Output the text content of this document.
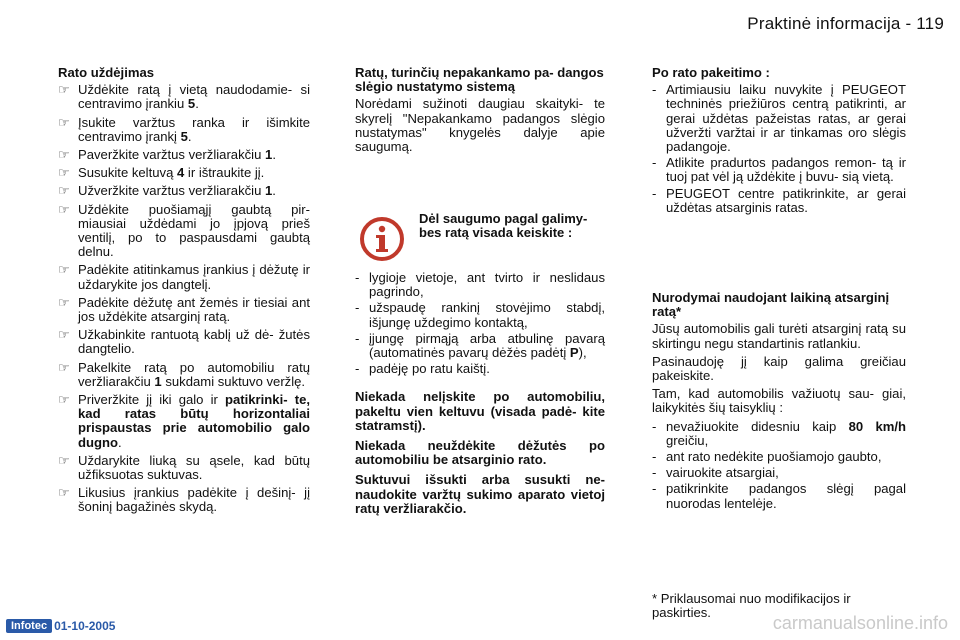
Praktinė informacija - 119
Rato uždėjimas
☞ Uždėkite ratą į vietą naudodamie- si centravimo įrankiu 5.
☞ Įsukite varžtus ranka ir išimkite centravimo įrankį 5.
☞ Paveržkite varžtus veržliarakčiu 1.
☞ Susukite keltuvą 4 ir ištraukite jį.
☞ Užveržkite varžtus veržliarakčiu 1.
☞ Uždėkite puošiamąjį gaubtą pir- miausiai uždėdami jo įpjovą prieš ventilį, po to paspausdami gaubtą delnu.
☞ Padėkite atitinkamus įrankius į dėžutę ir uždarykite jos dangtelį.
☞ Padėkite dėžutę ant žemės ir tiesiai ant jos uždėkite atsarginį ratą.
☞ Užkabinkite rantuotą kablį už dė- žutės dangtelio.
☞ Pakelkite ratą po automobiliu ratų veržliarakčiu 1 sukdami suktuvo veržlę.
☞ Priveržkite jį iki galo ir patikrinki- te, kad ratas būtų horizontaliai prispaustas prie automobilio galo dugno.
☞ Uždarykite liuką su ąsele, kad būtų užfiksuotas suktuvas.
☞ Likusius įrankius padėkite į dešinį- jį šoninį bagažinės skydą.
Ratų, turinčių nepakankamo pa- dangos slėgio nustatymo sistemą
Norėdami sužinoti daugiau skaityki- te skyrelį "Nepakankamo padangos slėgio nustatymas" knygelės dalyje apie saugumą.
Dėl saugumo pagal galimy- bes ratą visada keiskite :
- lygioje vietoje, ant tvirto ir neslidaus pagrindo,
- užspaudę rankinį stovėjimo stabdį, išjungę uždegimo kontaktą,
- įjungę pirmąją arba atbulinę pavarą (automatinės pavarų dėžės padėtį P),
- padėję po ratu kaištį.
Niekada nelįskite po automobiliu, pakeltu vien keltuvu (visada padė- kite statramstį).
Niekada neuždėkite dėžutės po automobiliu be atsarginio rato.
Suktuvui išsukti arba susukti ne- naudokite varžtų sukimo aparato vietoj ratų veržliarakčio.
Po rato pakeitimo :
- Artimiausiu laiku nuvykite į PEUGEOT techninės priežiūros centrą patikrinti, ar gerai uždėtas pažeistas ratas, ar gerai užveržti varžtai ir ar tinkamas oro slėgis padangoje.
- Atlikite pradurtos padangos remon- tą ir tuoj pat vėl ją uždėkite į buvu- sią vietą.
- PEUGEOT centre patikrinkite, ar gerai uždėtas atsarginis ratas.
Nurodymai naudojant laikiną atsarginį ratą*
Jūsų automobilis gali turėti atsarginį ratą su skirtingu negu standartinis ratlankiu.
Pasinaudoję jį kaip galima greičiau pakeiskite.
Tam, kad automobilis važiuotų sau- giai, laikykitės šių taisyklių :
- nevažiuokite didesniu kaip 80 km/h greičiu,
- ant rato nedėkite puošiamojo gaubto,
- vairuokite atsargiai,
- patikrinkite padangos slėgį pagal nuorodas lentelėje.
* Priklausomai nuo modifikacijos ir paskirties.
Infotec 01-10-2005	carmanualsonline.info
